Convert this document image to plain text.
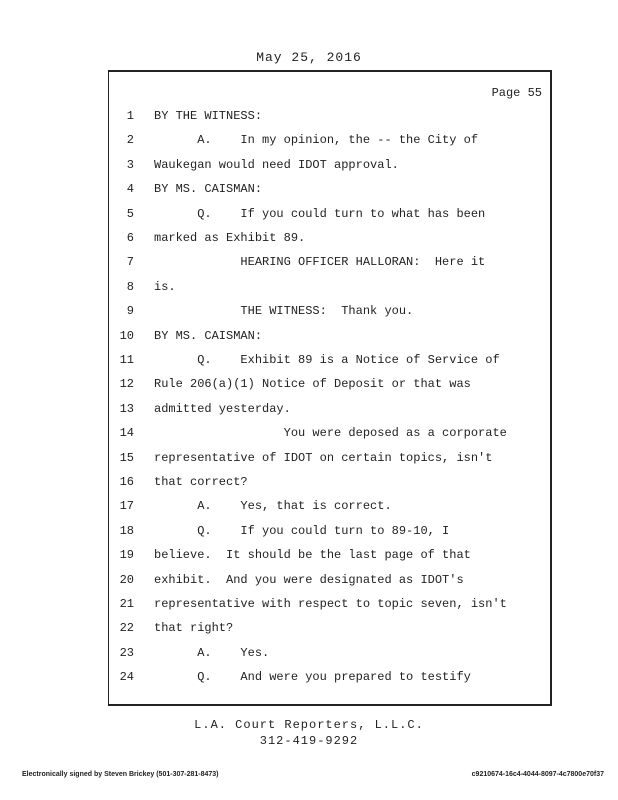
May 25, 2016
Page 55
1 BY THE WITNESS:
2 A.    In my opinion, the -- the City of
3 Waukegan would need IDOT approval.
4 BY MS. CAISMAN:
5 Q.    If you could turn to what has been
6 marked as Exhibit 89.
7 HEARING OFFICER HALLORAN:  Here it
8 is.
9 THE WITNESS:  Thank you.
10 BY MS. CAISMAN:
11 Q.    Exhibit 89 is a Notice of Service of
12 Rule 206(a)(1) Notice of Deposit or that was
13 admitted yesterday.
14 You were deposed as a corporate
15 representative of IDOT on certain topics, isn't
16 that correct?
17 A.    Yes, that is correct.
18 Q.    If you could turn to 89-10, I
19 believe.  It should be the last page of that
20 exhibit.  And you were designated as IDOT's
21 representative with respect to topic seven, isn't
22 that right?
23 A.    Yes.
24 Q.    And were you prepared to testify
L.A. Court Reporters, L.L.C.
312-419-9292
Electronically signed by Steven Brickey (501-307-281-8473)	c9210674-16c4-4044-8097-4c7800e70f37
